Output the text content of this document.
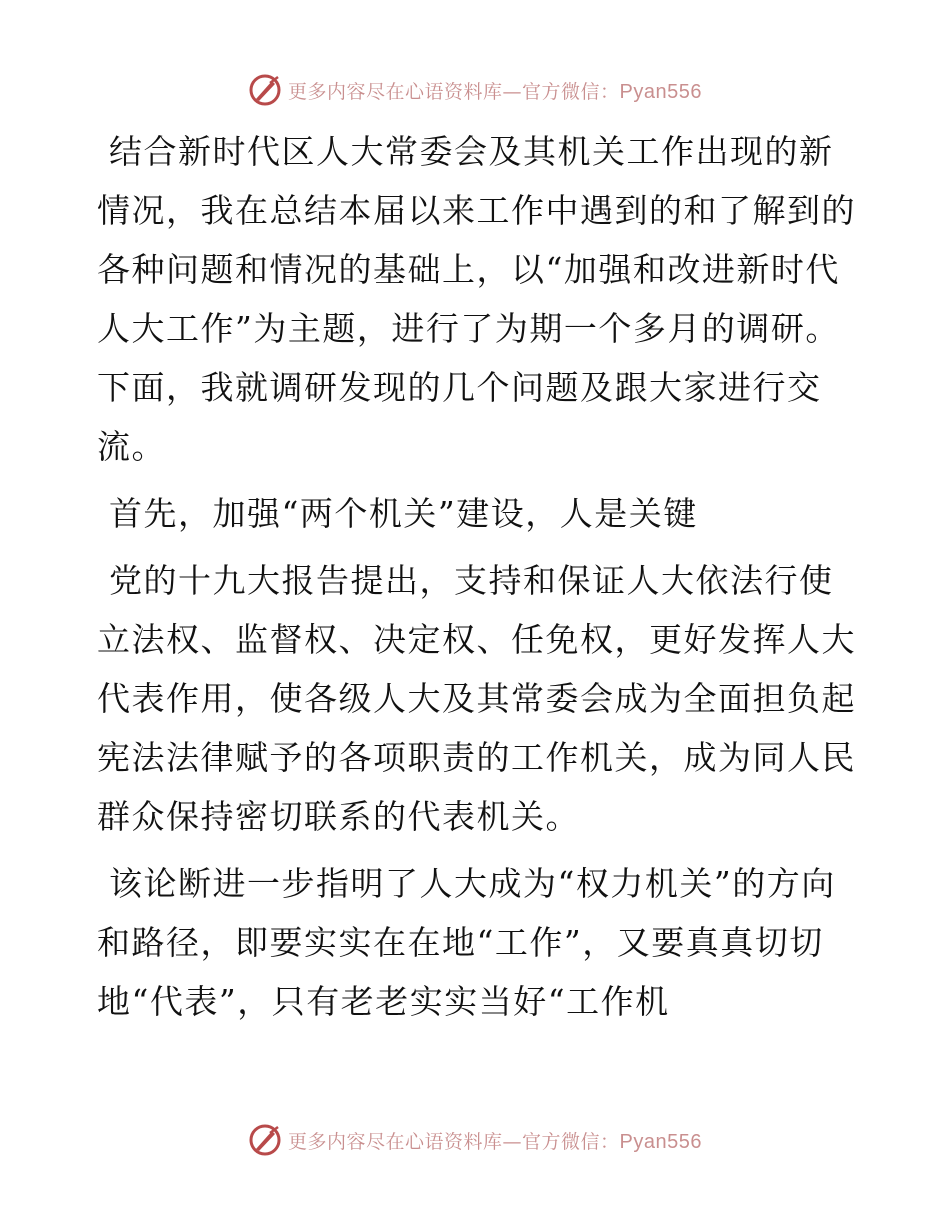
更多内容尽在心语资料库—官方微信：Pyan556

结合新时代区人大常委会及其机关工作出现的新情况，我在总结本届以来工作中遇到的和了解到的各种问题和情况的基础上，以“加强和改进新时代人大工作”为主题，进行了为期一个多月的调研。下面，我就调研发现的几个问题及跟大家进行交流。

首先，加强“两个机关”建设，人是关键

党的十九大报告提出，支持和保证人大依法行使立法权、监督权、决定权、任免权，更好发挥人大代表作用，使各级人大及其常委会成为全面担负起宪法法律赋予的各项职责的工作机关，成为同人民群众保持密切联系的代表机关。

该论断进一步指明了人大成为“权力机关”的方向和路径，即要实实在在地“工作”，又要真真切切地“代表”，只有老老实实当好“工作机

更多内容尽在心语资料库—官方微信：Pyan556
